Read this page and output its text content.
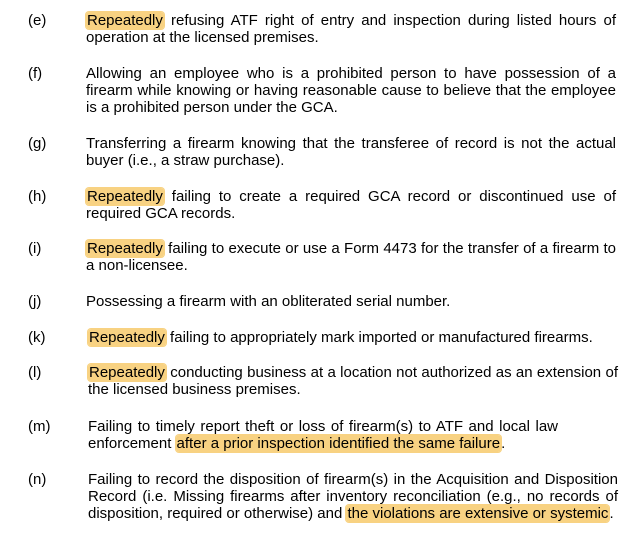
(e)	Repeatedly refusing ATF right of entry and inspection during listed hours of operation at the licensed premises.
(f)	Allowing an employee who is a prohibited person to have possession of a firearm while knowing or having reasonable cause to believe that the employee is a prohibited person under the GCA.
(g)	Transferring a firearm knowing that the transferee of record is not the actual buyer (i.e., a straw purchase).
(h)	Repeatedly failing to create a required GCA record or discontinued use of required GCA records.
(i)	Repeatedly failing to execute or use a Form 4473 for the transfer of a firearm to a non-licensee.
(j)	Possessing a firearm with an obliterated serial number.
(k)	Repeatedly failing to appropriately mark imported or manufactured firearms.
(l)	Repeatedly conducting business at a location not authorized as an extension of the licensed business premises.
(m)	Failing to timely report theft or loss of firearm(s) to ATF and local law enforcement after a prior inspection identified the same failure.
(n)	Failing to record the disposition of firearm(s) in the Acquisition and Disposition Record (i.e. Missing firearms after inventory reconciliation (e.g., no records of disposition, required or otherwise) and the violations are extensive or systemic.
